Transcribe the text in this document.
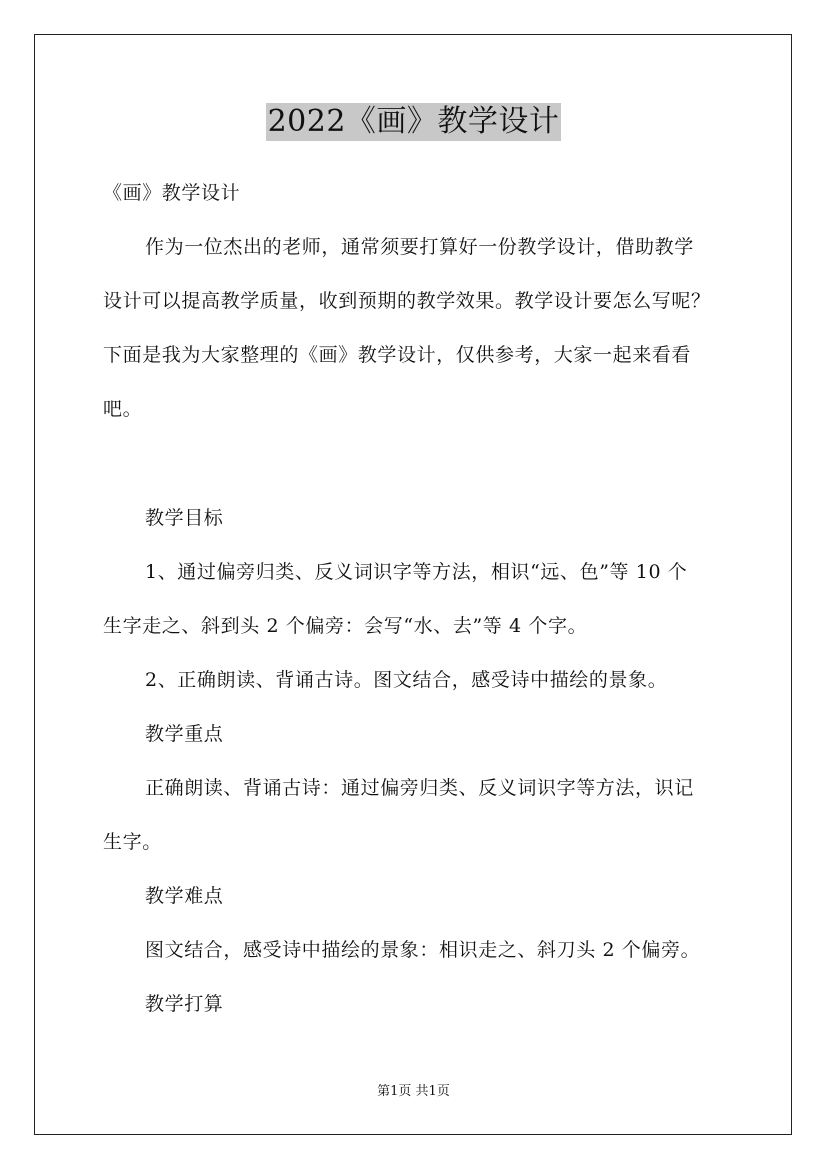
2022《画》教学设计
《画》教学设计
作为一位杰出的老师，通常须要打算好一份教学设计，借助教学
设计可以提高教学质量，收到预期的教学效果。教学设计要怎么写呢？
下面是我为大家整理的《画》教学设计，仅供参考，大家一起来看看
吧。
教学目标
1、通过偏旁归类、反义词识字等方法，相识“远、色”等 10 个
生字走之、斜到头 2 个偏旁：会写“水、去”等 4 个字。
2、正确朗读、背诵古诗。图文结合，感受诗中描绘的景象。
教学重点
正确朗读、背诵古诗：通过偏旁归类、反义词识字等方法，识记
生字。
教学难点
图文结合，感受诗中描绘的景象：相识走之、斜刀头 2 个偏旁。
教学打算
第1页 共1页
